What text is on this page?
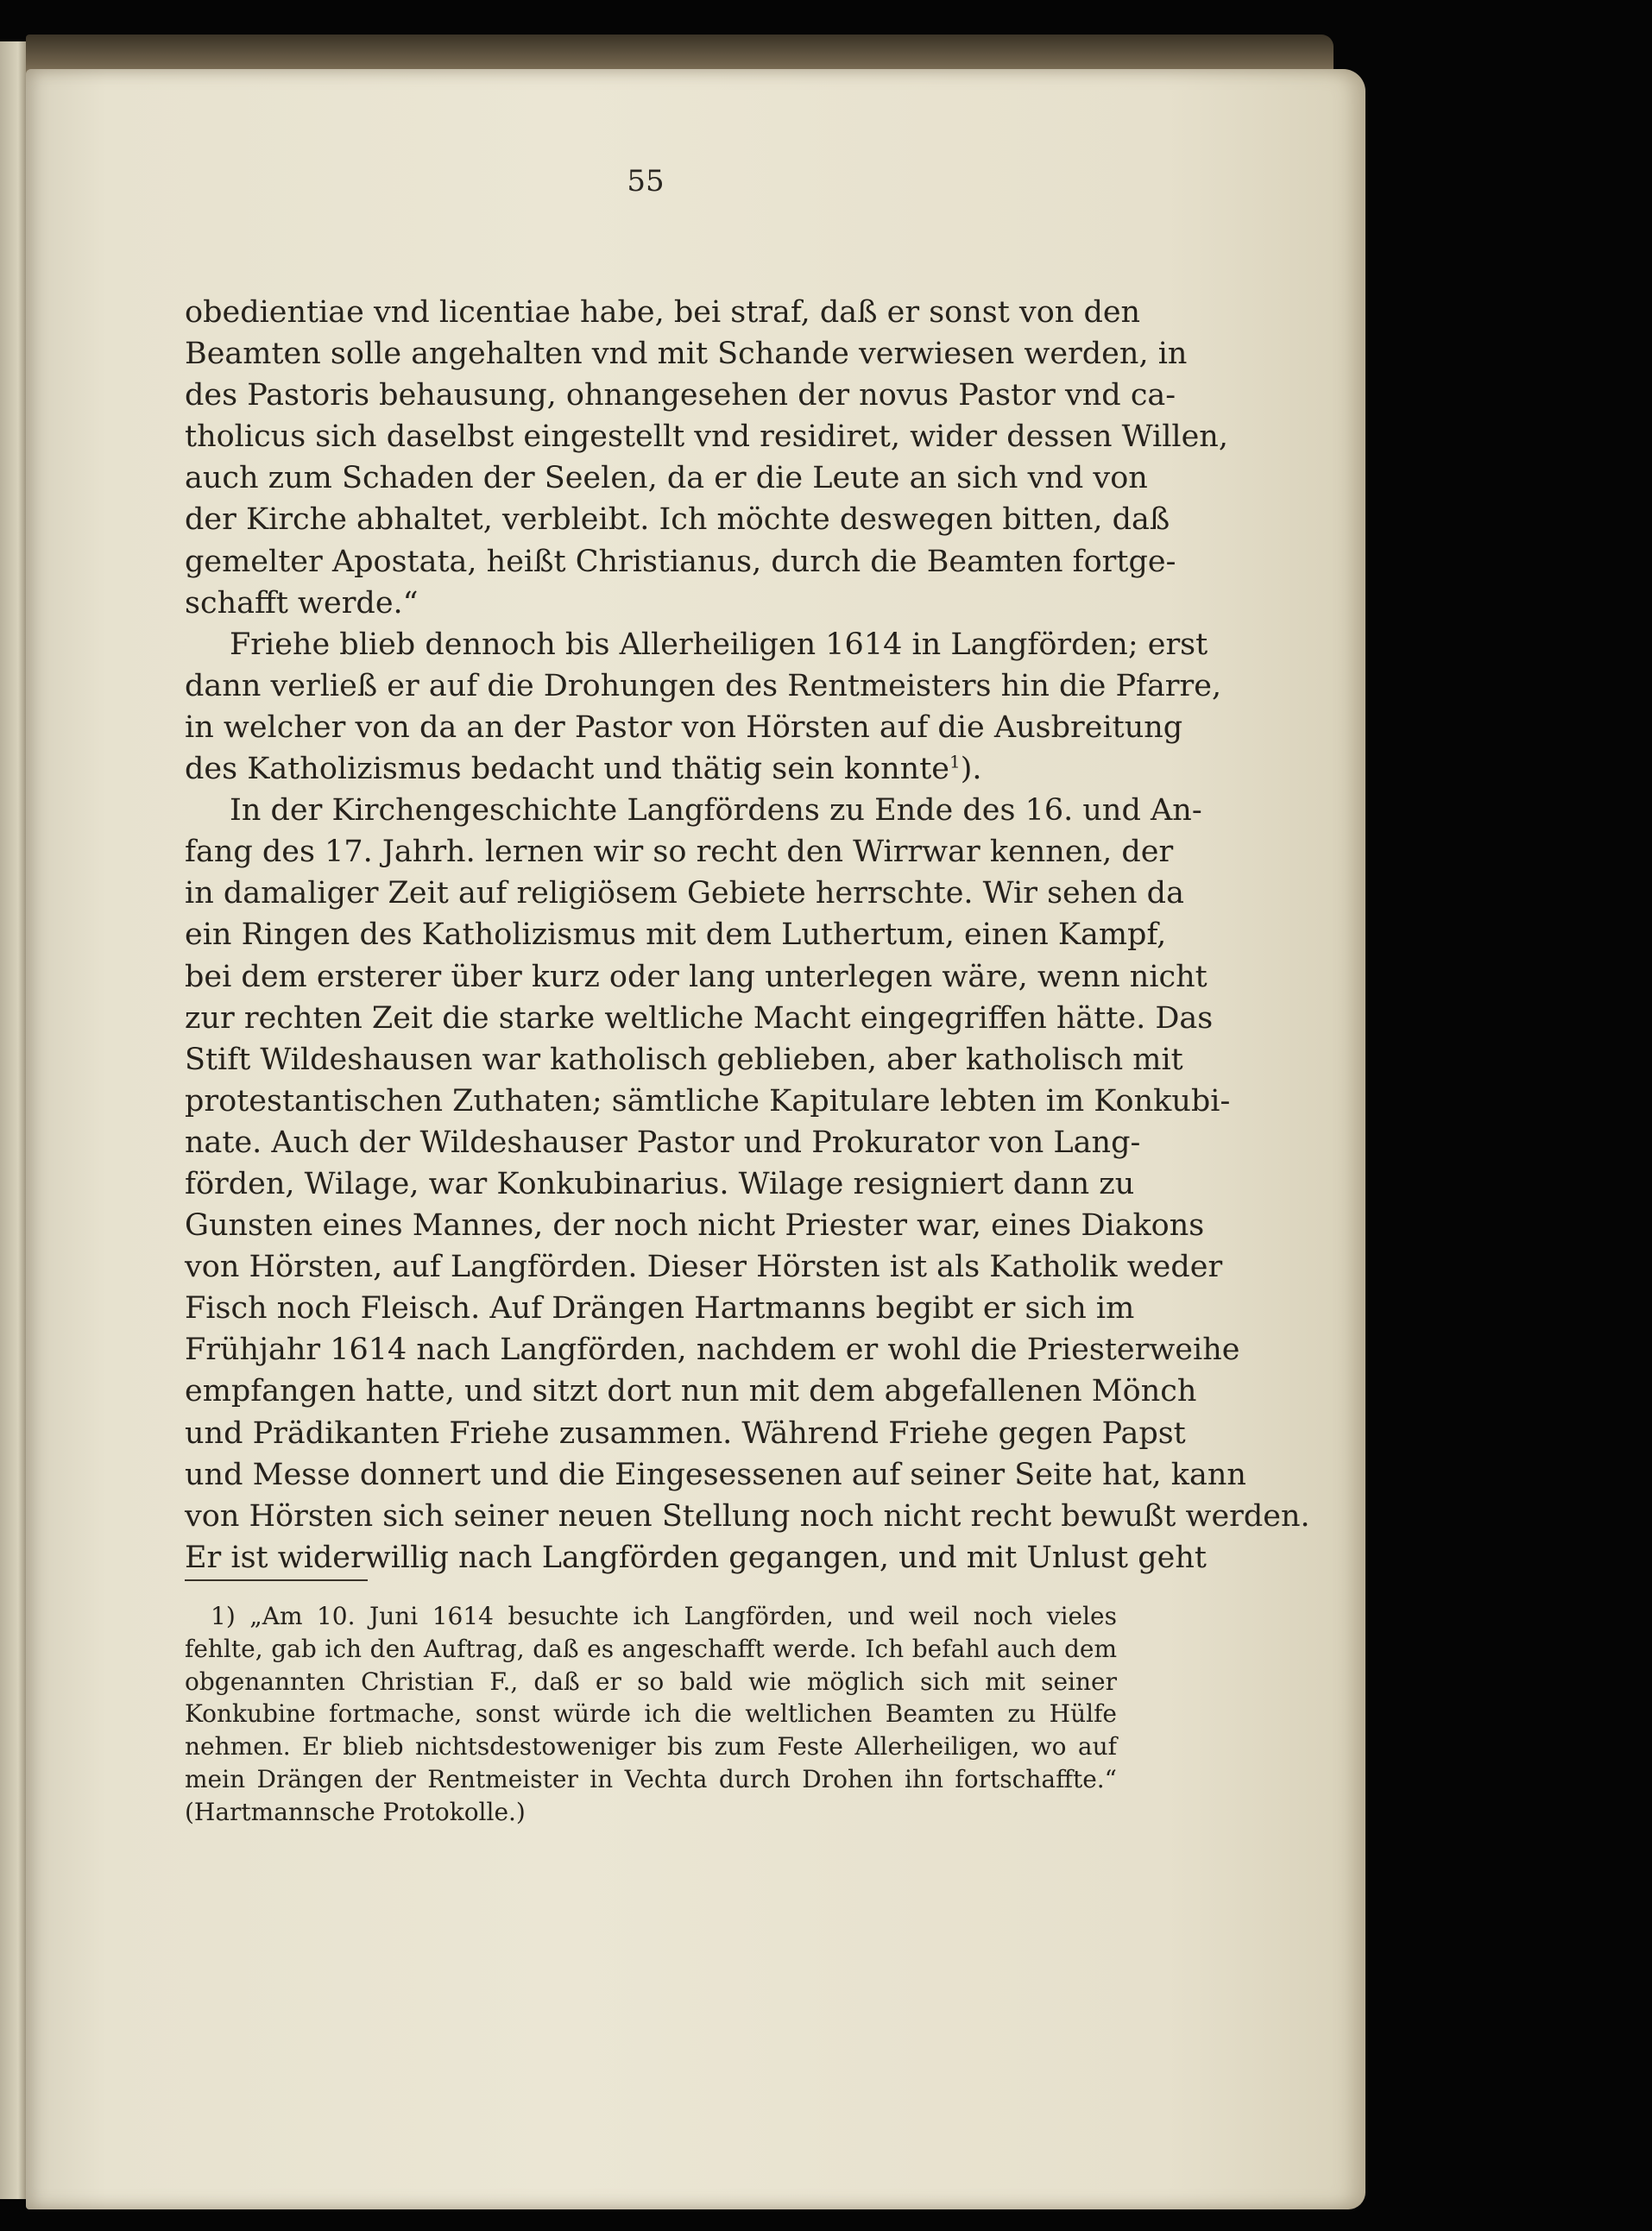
55
obedientiae vnd licentiae habe, bei straf, daß er sonst von den
Beamten solle angehalten vnd mit Schande verwiesen werden, in
des Pastoris behausung, ohnangesehen der novus Pastor vnd ca-
tholicus sich daselbst eingestellt vnd residiret, wider dessen Willen,
auch zum Schaden der Seelen, da er die Leute an sich vnd von
der Kirche abhaltet, verbleibt. Ich möchte deswegen bitten, daß
gemelter Apostata, heißt Christianus, durch die Beamten fortge-
schafft werde.“
Friehe blieb dennoch bis Allerheiligen 1614 in Langförden; erst
dann verließ er auf die Drohungen des Rentmeisters hin die Pfarre,
in welcher von da an der Pastor von Hörsten auf die Ausbreitung
des Katholizismus bedacht und thätig sein konnte$^1$).
In der Kirchengeschichte Langfördens zu Ende des 16. und An-
fang des 17. Jahrh. lernen wir so recht den Wirrwar kennen, der
in damaliger Zeit auf religiösem Gebiete herrschte. Wir sehen da
ein Ringen des Katholizismus mit dem Luthertum, einen Kampf,
bei dem ersterer über kurz oder lang unterlegen wäre, wenn nicht
zur rechten Zeit die starke weltliche Macht eingegriffen hätte. Das
Stift Wildeshausen war katholisch geblieben, aber katholisch mit
protestantischen Zuthaten; sämtliche Kapitulare lebten im Konkubi-
nate. Auch der Wildeshauser Pastor und Prokurator von Lang-
förden, Wilage, war Konkubinarius. Wilage resigniert dann zu
Gunsten eines Mannes, der noch nicht Priester war, eines Diakons
von Hörsten, auf Langförden. Dieser Hörsten ist als Katholik weder
Fisch noch Fleisch. Auf Drängen Hartmanns begibt er sich im
Frühjahr 1614 nach Langförden, nachdem er wohl die Priesterweihe
empfangen hatte, und sitzt dort nun mit dem abgefallenen Mönch
und Prädikanten Friehe zusammen. Während Friehe gegen Papst
und Messe donnert und die Eingesessenen auf seiner Seite hat, kann
von Hörsten sich seiner neuen Stellung noch nicht recht bewußt werden.
Er ist widerwillig nach Langförden gegangen, und mit Unlust geht
1) „Am 10. Juni 1614 besuchte ich Langförden, und weil noch vieles
fehlte, gab ich den Auftrag, daß es angeschafft werde. Ich befahl auch dem
obgenannten Christian F., daß er so bald wie möglich sich mit seiner
Konkubine fortmache, sonst würde ich die weltlichen Beamten zu Hülfe
nehmen. Er blieb nichtsdestoweniger bis zum Feste Allerheiligen, wo auf
mein Drängen der Rentmeister in Vechta durch Drohen ihn fortschaffte.“
(Hartmannsche Protokolle.)
